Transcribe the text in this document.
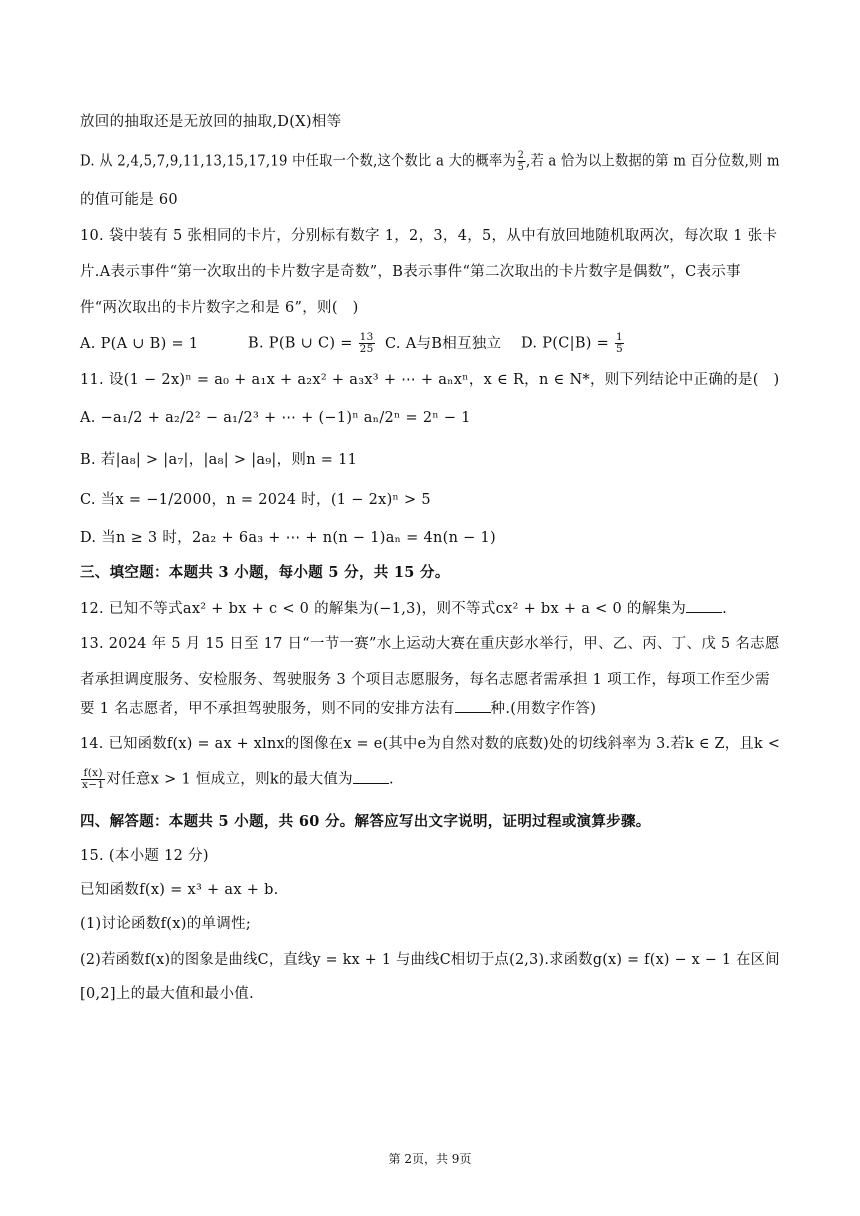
放回的抽取还是无放回的抽取,D(X)相等
D. 从 2,4,5,7,9,11,13,15,17,19 中任取一个数,这个数比 a 大的概率为 $\frac{2}{5}$ ,若 a 恰为以上数据的第 m 百分位数,则 m
的值可能是 60
10. 袋中装有 5 张相同的卡片，分别标有数字 1，2，3，4，5，从中有放回地随机取两次，每次取 1 张卡
片.A表示事件“第一次取出的卡片数字是奇数”，B表示事件“第二次取出的卡片数字是偶数”，C表示事
件“两次取出的卡片数字之和是 6”，则(　)
A. P(A ∪ B) = 1	B. P(B ∪ $C) = \frac{13}{25} C$. A与B相互独立 D. $P(C|B) = \frac{1}{5}$
11. 设(1 − 2x)ⁿ = a₀ + a₁x + a₂x² + a₃x³ + ⋯ + aₙxⁿ，x ∈ R，n ∈ N*，则下列结论中正确的是(　)
A. −a₁/2 + a₂/2² − a₁/2³ + ⋯ + (−1)ⁿ aₙ/2ⁿ = 2ⁿ − 1
B. 若|a₈| > |a₇|，|a₈| > |a₉|，则n = 11
C. 当x = −1/2000，n = 2024 时，(1 − 2x)ⁿ > 5
D. 当n ≥ 3 时，2a₂ + 6a₃ + ⋯ + n(n − 1)aₙ = 4n(n − 1)
三、填空题：本题共 3 小题，每小题 5 分，共 15 分。
12. 已知不等式ax² + bx + c < 0 的解集为(−1,3)，则不等式cx² + bx + a < 0 的解集为 .
13. 2024 年 5 月 15 日至 17 日“一节一赛”水上运动大赛在重庆彭水举行，甲、乙、丙、丁、戊 5 名志愿
者承担调度服务、安检服务、驾驶服务 3 个项目志愿服务，每名志愿者需承担 1 项工作，每项工作至少需
要 1 名志愿者，甲不承担驾驶服务，则不同的安排方法有 种.(用数字作答)
14. 已知函数f(x) = ax + xlnx的图像在x = e(其中e为自然对数的底数)处的切线斜率为 3.若k ∈ Z，且k <
$\frac{f(x)}{x-1}$ 对任意x > 1 恒成立，则k的最大值为 .
四、解答题：本题共 5 小题，共 60 分。解答应写出文字说明，证明过程或演算步骤。
15. (本小题 12 分)
已知函数f(x) = x³ + ax + b.
(1)讨论函数f(x)的单调性;
(2)若函数f(x)的图象是曲线C，直线y = kx + 1 与曲线C相切于点(2,3).求函数g(x) = f(x) − x − 1 在区间
[0,2]上的最大值和最小值.
第 2页，共 9页
